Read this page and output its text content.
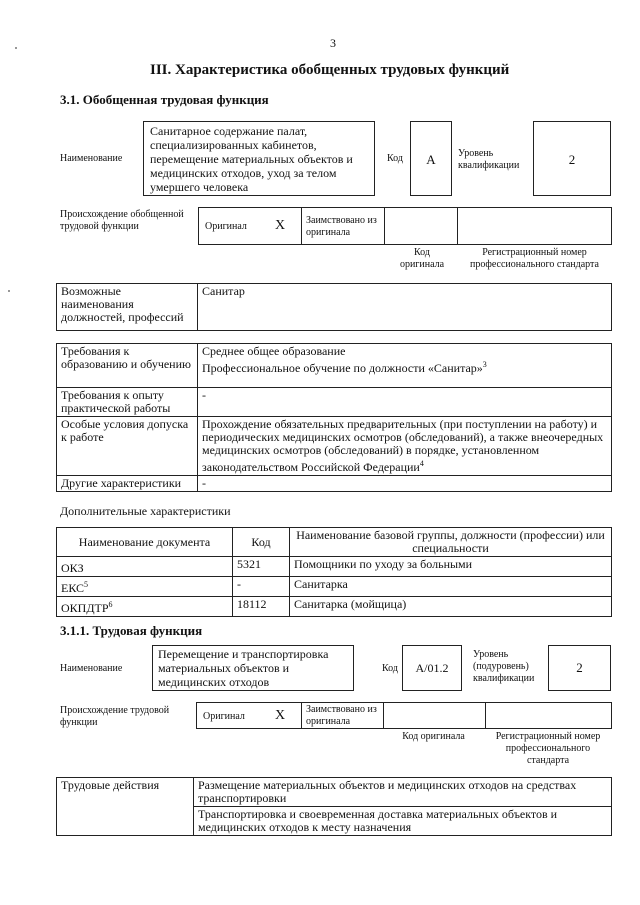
3
III. Характеристика обобщенных трудовых функций
3.1. Обобщенная трудовая функция
Наименование
Санитарное содержание палат, специализированных кабинетов, перемещение материальных объектов и медицинских отходов, уход за телом умершего человека
Код	А	Уровень квалификации	2
Происхождение обобщенной трудовой функции	Оригинал X Заимствовано из оригинала
Код оригинала
Регистрационный номер профессионального стандарта
Возможные наименования должностей, профессий	Санитар
Требования к образованию и обучению	Среднее общее образование
Профессиональное обучение по должности «Санитар»$^3$

Требования к опыту практической работы	-
Особые условия допуска к работе	Прохождение обязательных предварительных (при поступлении на работу) и периодических медицинских осмотров (обследований), а также внеочередных медицинских осмотров (обследований) в порядке, установленном законодательством Российской Федерации$^4$
Другие характеристики	-
Дополнительные характеристики
Наименование документа	Код	Наименование базовой группы, должности (профессии) или специальности
ОКЗ	5321	Помощники по уходу за больными
ЕКС$^5$	-	Санитарка
ОКПДТР$^6$	18112	Санитарка (мойщица)
3.1.1. Трудовая функция
Наименование
Перемещение и транспортировка материальных объектов и медицинских отходов
Код	А/01.2
Уровень (подуровень) квалификации
2
Происхождение трудовой функции
Оригинал X Заимствовано из оригинала
Код оригинала	Регистрационный номер профессионального стандарта
Трудовые действия	Размещение материальных объектов и медицинских отходов на средствах транспортировки
Транспортировка и своевременная доставка материальных объектов и медицинских отходов к месту назначения
